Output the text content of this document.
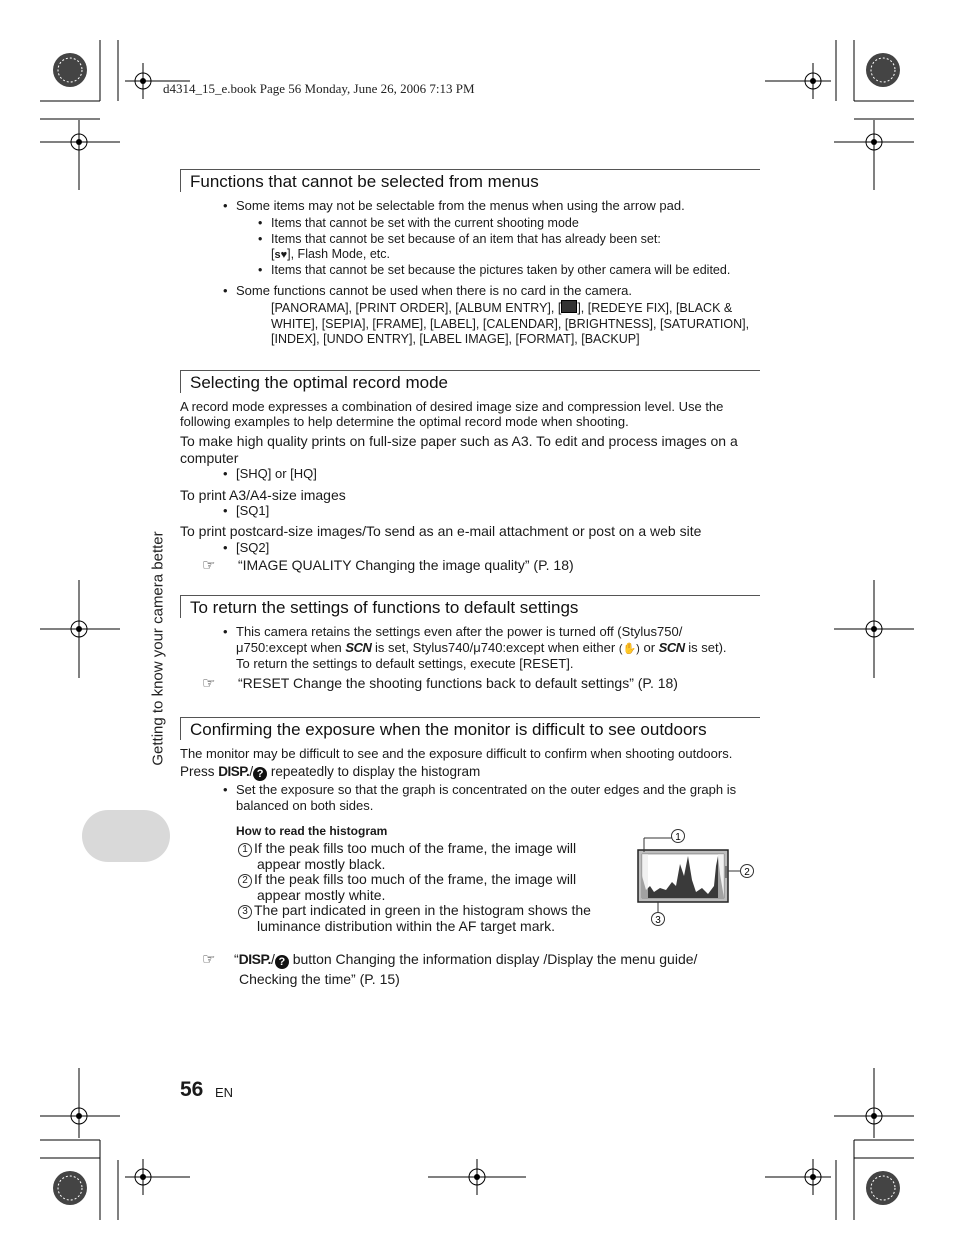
d4314_15_e.book Page 56 Monday, June 26, 2006 7:13 PM
Getting to know your camera better
Functions that cannot be selected from menus
• Some items may not be selectable from the menus when using the arrow pad.
• Items that cannot be set with the current shooting mode
• Items that cannot be set because of an item that has already been set:
[s♥], Flash Mode, etc.
• Items that cannot be set because the pictures taken by other camera will be edited.
• Some functions cannot be used when there is no card in the camera.
[PANORAMA], [PRINT ORDER], [ALBUM ENTRY], [ ], [REDEYE FIX], [BLACK &
WHITE], [SEPIA], [FRAME], [LABEL], [CALENDAR], [BRIGHTNESS], [SATURATION],
[INDEX], [UNDO ENTRY], [LABEL IMAGE], [FORMAT], [BACKUP]
Selecting the optimal record mode
A record mode expresses a combination of desired image size and compression level. Use the
following examples to help determine the optimal record mode when shooting.
To make high quality prints on full-size paper such as A3. To edit and process images on a
computer
• [SHQ] or [HQ]
To print A3/A4-size images
• [SQ1]
To print postcard-size images/To send as an e-mail attachment or post on a web site
• [SQ2]
☞ “IMAGE QUALITY Changing the image quality” (P. 18)
To return the settings of functions to default settings
• This camera retains the settings even after the power is turned off (Stylus750/
μ750:except when SCN is set, Stylus740/μ740:except when either (✋) or SCN is set).
To return the settings to default settings, execute [RESET].
☞ “RESET Change the shooting functions back to default settings” (P. 18)
Confirming the exposure when the monitor is difficult to see outdoors
The monitor may be difficult to see and the exposure difficult to confirm when shooting outdoors.
Press DISP./ ? repeatedly to display the histogram
• Set the exposure so that the graph is concentrated on the outer edges and the graph is
balanced on both sides.
How to read the histogram
1 If the peak fills too much of the frame, the image will
appear mostly black.
2 If the peak fills too much of the frame, the image will
appear mostly white.
3 The part indicated in green in the histogram shows the
luminance distribution within the AF target mark.
1
2
3
☞ “DISP./ ? button Changing the information display /Display the menu guide/
Checking the time” (P. 15)
56 EN
